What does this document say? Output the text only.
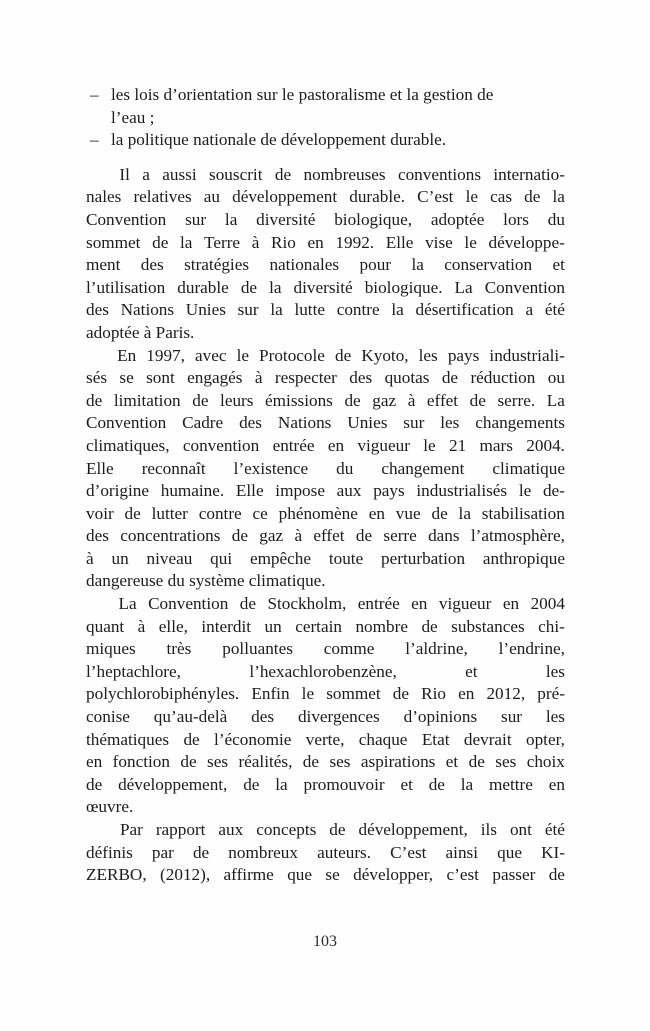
– les lois d’orientation sur le pastoralisme et la gestion de
l’eau ;
– la politique nationale de développement durable.
Il a aussi souscrit de nombreuses conventions internatio-
nales relatives au développement durable. C’est le cas de la
Convention sur la diversité biologique, adoptée lors du
sommet de la Terre à Rio en 1992. Elle vise le développe-
ment des stratégies nationales pour la conservation et
l’utilisation durable de la diversité biologique. La Convention
des Nations Unies sur la lutte contre la désertification a été
adoptée à Paris.
En 1997, avec le Protocole de Kyoto, les pays industriali-
sés se sont engagés à respecter des quotas de réduction ou
de limitation de leurs émissions de gaz à effet de serre. La
Convention Cadre des Nations Unies sur les changements
climatiques, convention entrée en vigueur le 21 mars 2004.
Elle reconnaît l’existence du changement climatique
d’origine humaine. Elle impose aux pays industrialisés le de-
voir de lutter contre ce phénomène en vue de la stabilisation
des concentrations de gaz à effet de serre dans l’atmosphère,
à un niveau qui empêche toute perturbation anthropique
dangereuse du système climatique.
La Convention de Stockholm, entrée en vigueur en 2004
quant à elle, interdit un certain nombre de substances chi-
miques très polluantes comme l’aldrine, l’endrine,
l’heptachlore,	l’hexachlorobenzène,	et	les
polychlorobiphényles. Enfin le sommet de Rio en 2012, pré-
conise qu’au-delà des divergences d’opinions sur les
thématiques de l’économie verte, chaque Etat devrait opter,
en fonction de ses réalités, de ses aspirations et de ses choix
de développement, de la promouvoir et de la mettre en
œuvre.
Par rapport aux concepts de développement, ils ont été
définis par de nombreux auteurs. C’est ainsi que KI-
ZERBO, (2012), affirme que se développer, c’est passer de
103
